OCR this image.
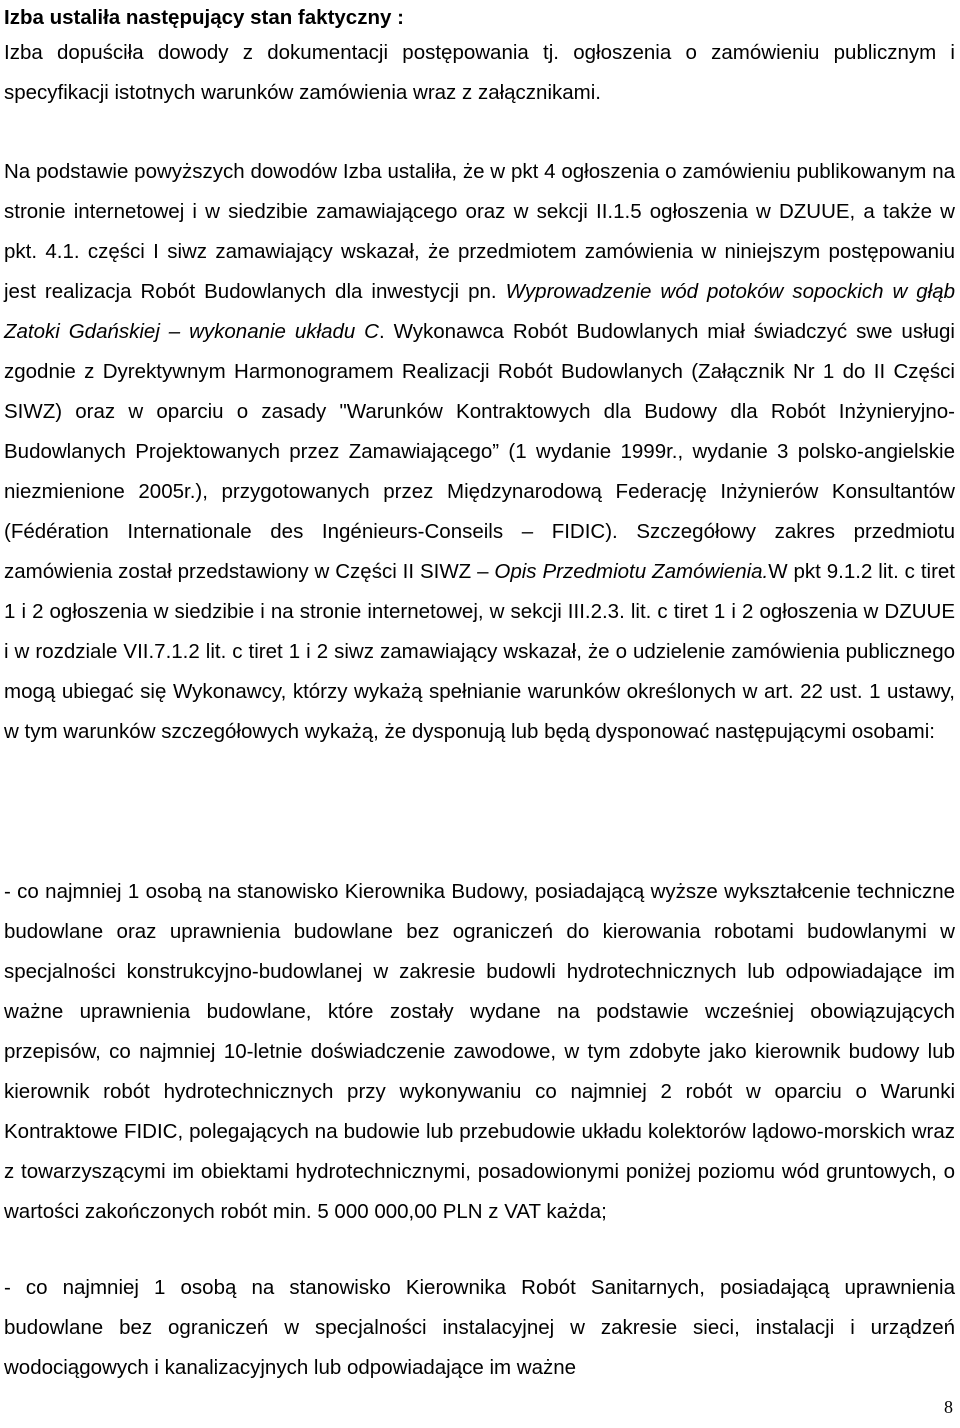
Izba ustaliła następujący stan faktyczny :

Izba dopuściła dowody z dokumentacji postępowania tj. ogłoszenia o zamówieniu publicznym i specyfikacji istotnych warunków zamówienia wraz z załącznikami.

Na podstawie powyższych dowodów Izba ustaliła, że w pkt 4 ogłoszenia o zamówieniu publikowanym na stronie internetowej i w siedzibie zamawiającego oraz w sekcji II.1.5 ogłoszenia w DZUUE, a także w pkt. 4.1. części I siwz zamawiający wskazał, że przedmiotem zamówienia w niniejszym postępowaniu jest realizacja Robót Budowlanych dla inwestycji pn. Wyprowadzenie wód potoków sopockich w głąb Zatoki Gdańskiej – wykonanie układu C. Wykonawca Robót Budowlanych miał świadczyć swe usługi zgodnie z Dyrektywnym Harmonogramem Realizacji Robót Budowlanych (Załącznik Nr 1 do II Części SIWZ) oraz w oparciu o zasady "Warunków Kontraktowych dla Budowy dla Robót Inżynieryjno-Budowlanych Projektowanych przez Zamawiającego” (1 wydanie 1999r., wydanie 3 polsko-angielskie niezmienione 2005r.), przygotowanych przez Międzynarodową Federację Inżynierów Konsultantów (Fédération Internationale des Ingénieurs-Conseils – FIDIC). Szczegółowy zakres przedmiotu zamówienia został przedstawiony w Części II SIWZ – Opis Przedmiotu Zamówienia.W pkt 9.1.2 lit. c tiret 1 i 2 ogłoszenia w siedzibie i na stronie internetowej, w sekcji III.2.3. lit. c tiret 1 i 2 ogłoszenia w DZUUE i w rozdziale VII.7.1.2 lit. c tiret 1 i 2 siwz zamawiający wskazał, że o udzielenie zamówienia publicznego mogą ubiegać się Wykonawcy, którzy wykażą spełnianie warunków określonych w art. 22 ust. 1 ustawy, w tym warunków szczegółowych wykażą, że dysponują lub będą dysponować następującymi osobami:

- co najmniej 1 osobą na stanowisko Kierownika Budowy, posiadającą wyższe wykształcenie techniczne budowlane oraz uprawnienia budowlane bez ograniczeń do kierowania robotami budowlanymi w specjalności konstrukcyjno-budowlanej w zakresie budowli hydrotechnicznych lub odpowiadające im ważne uprawnienia budowlane, które zostały wydane na podstawie wcześniej obowiązujących przepisów, co najmniej 10-letnie doświadczenie zawodowe, w tym zdobyte jako kierownik budowy lub kierownik robót hydrotechnicznych przy wykonywaniu co najmniej 2 robót w oparciu o Warunki Kontraktowe FIDIC, polegających na budowie lub przebudowie układu kolektorów lądowo-morskich wraz z towarzyszącymi im obiektami hydrotechnicznymi, posadowionymi poniżej poziomu wód gruntowych, o wartości zakończonych robót min. 5 000 000,00 PLN z VAT każda;

- co najmniej 1 osobą na stanowisko Kierownika Robót Sanitarnych, posiadającą uprawnienia budowlane bez ograniczeń w specjalności instalacyjnej w zakresie sieci, instalacji i urządzeń wodociągowych i kanalizacyjnych lub odpowiadające im ważne

8
